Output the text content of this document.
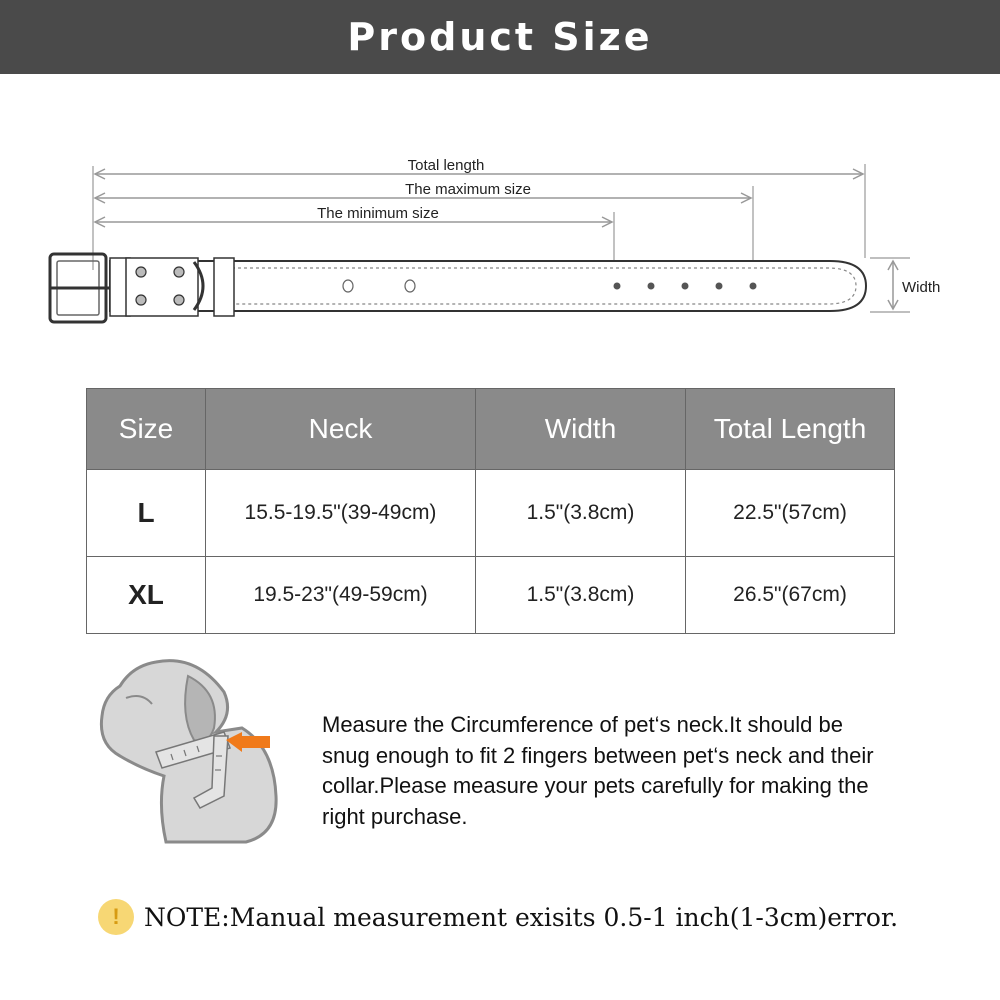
Product Size
Total length
The maximum size
The minimum size
Width
Size	Neck	Width	Total Length
L	15.5-19.5"(39-49cm)	1.5"(3.8cm)	22.5"(57cm)
XL	19.5-23"(49-59cm)	1.5"(3.8cm)	26.5"(67cm)
Measure the Circumference of pet‘s neck.It should be snug enough to fit 2 fingers between pet‘s neck and their collar.Please measure your pets carefully for making the right purchase.
! NOTE:Manual measurement exisits 0.5-1 inch(1-3cm)error.
